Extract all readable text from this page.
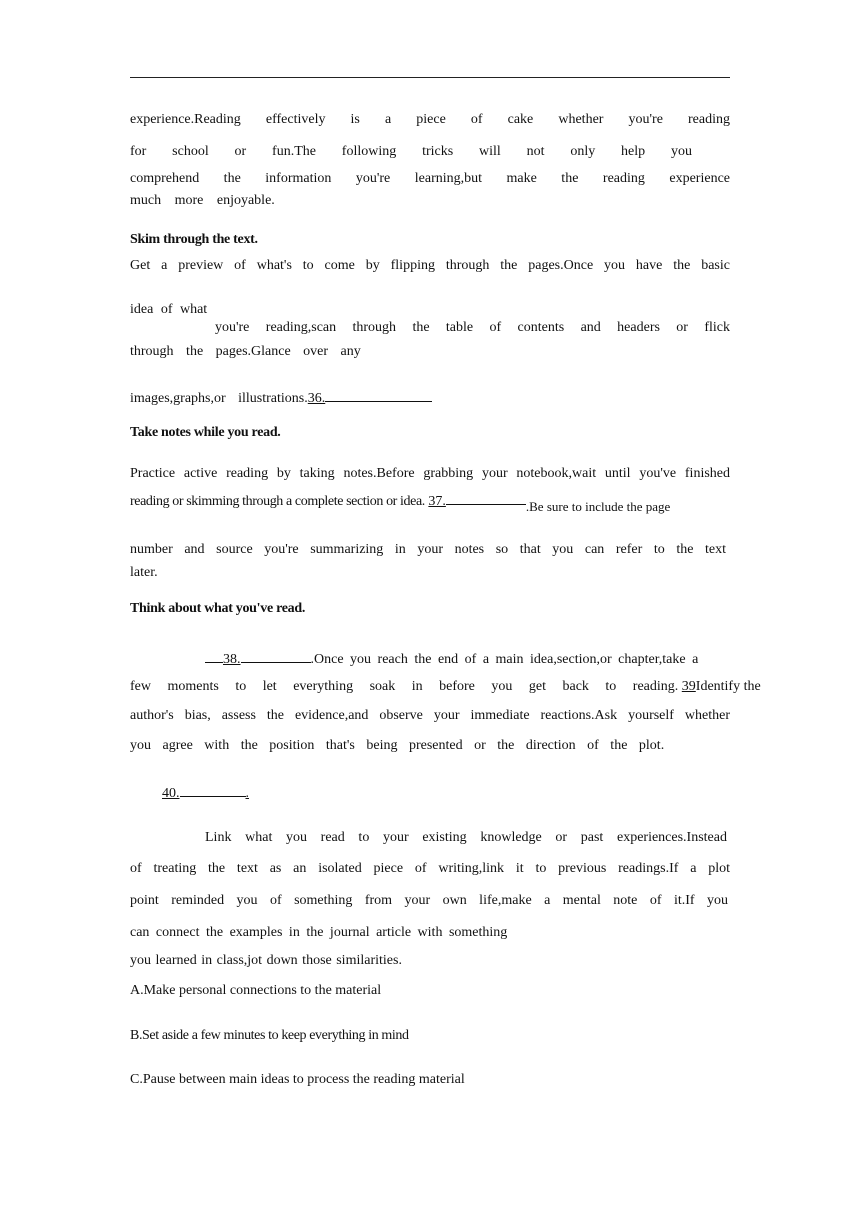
experience.Reading effectively is a piece of cake whether you're reading
for school or fun.The following tricks will not only help you
comprehend the information you're learning,but make the reading experience
much more enjoyable.
Skim through the text.
Get a preview of what's to come by flipping through the pages.Once you have the basic
idea of what
you're reading,scan through the table of contents and headers or flick
through the pages.Glance over any
images,graphs,or illustrations.36.
Take notes while you read.
Practice active reading by taking notes.Before grabbing your notebook,wait until you've finished
reading or skimming through a complete section or idea. 37.	.Be sure to include the page
number and source you're summarizing in your notes so that you can refer to the text
later.
Think about what you've read.
38.	.Once you reach the end of a main idea,section,or chapter,take a
few moments to let everything soak in before you get back to reading. 39Identify the
author's bias, assess the evidence,and observe your immediate reactions.Ask yourself whether
you agree with the position that's being presented or the direction of the plot.
40.	.
Link what you read to your existing knowledge or past experiences.Instead
of treating the text as an isolated piece of writing,link it to previous readings.If a plot
point reminded you of something from your own life,make a mental note of it.If you
can connect the examples in the journal article with something
you learned in class,jot down those similarities.
A.Make personal connections to the material
B.Set aside a few minutes to keep everything in mind
C.Pause between main ideas to process the reading material
